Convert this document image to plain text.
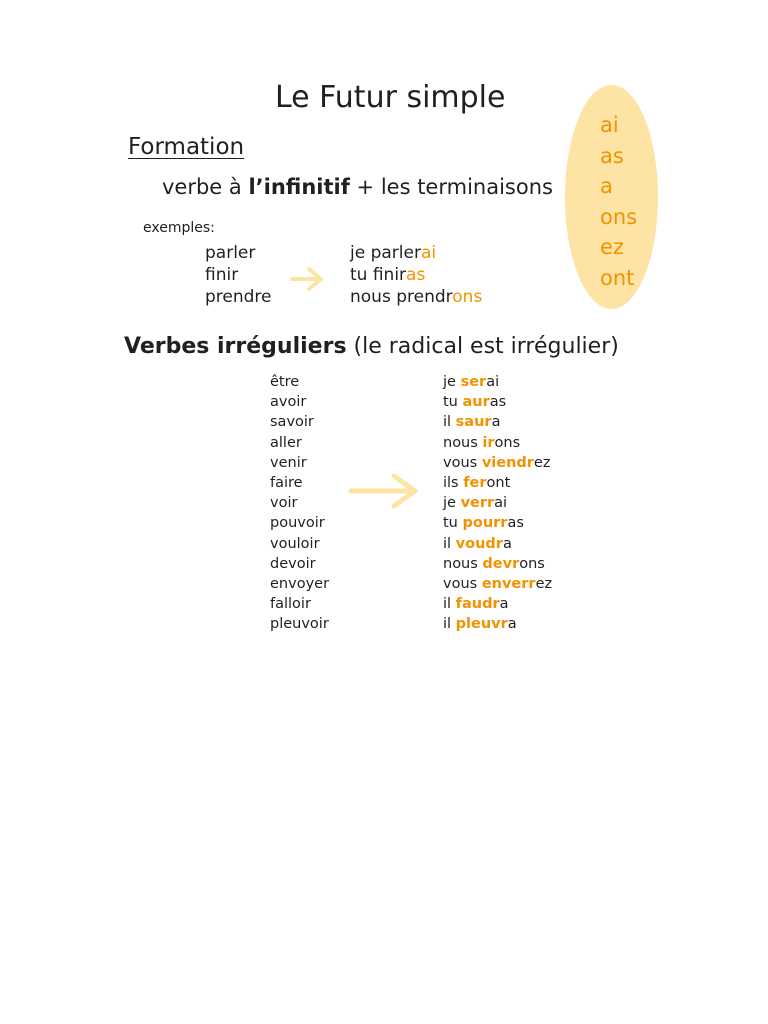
Le Futur simple
Formation
verbe à l’infinitif + les terminaisons
exemples:
parler
finir
prendre
je parlerai
tu finiras
nous prendrons
ai
as
a
ons
ez
ont
Verbes irréguliers (le radical est irrégulier)
être
avoir
savoir
aller
venir
faire
voir
pouvoir
vouloir
devoir
envoyer
falloir
pleuvoir
je serai
tu auras
il saura
nous irons
vous viendrez
ils feront
je verrai
tu pourras
il voudra
nous devrons
vous enverrez
il faudra
il pleuvra
